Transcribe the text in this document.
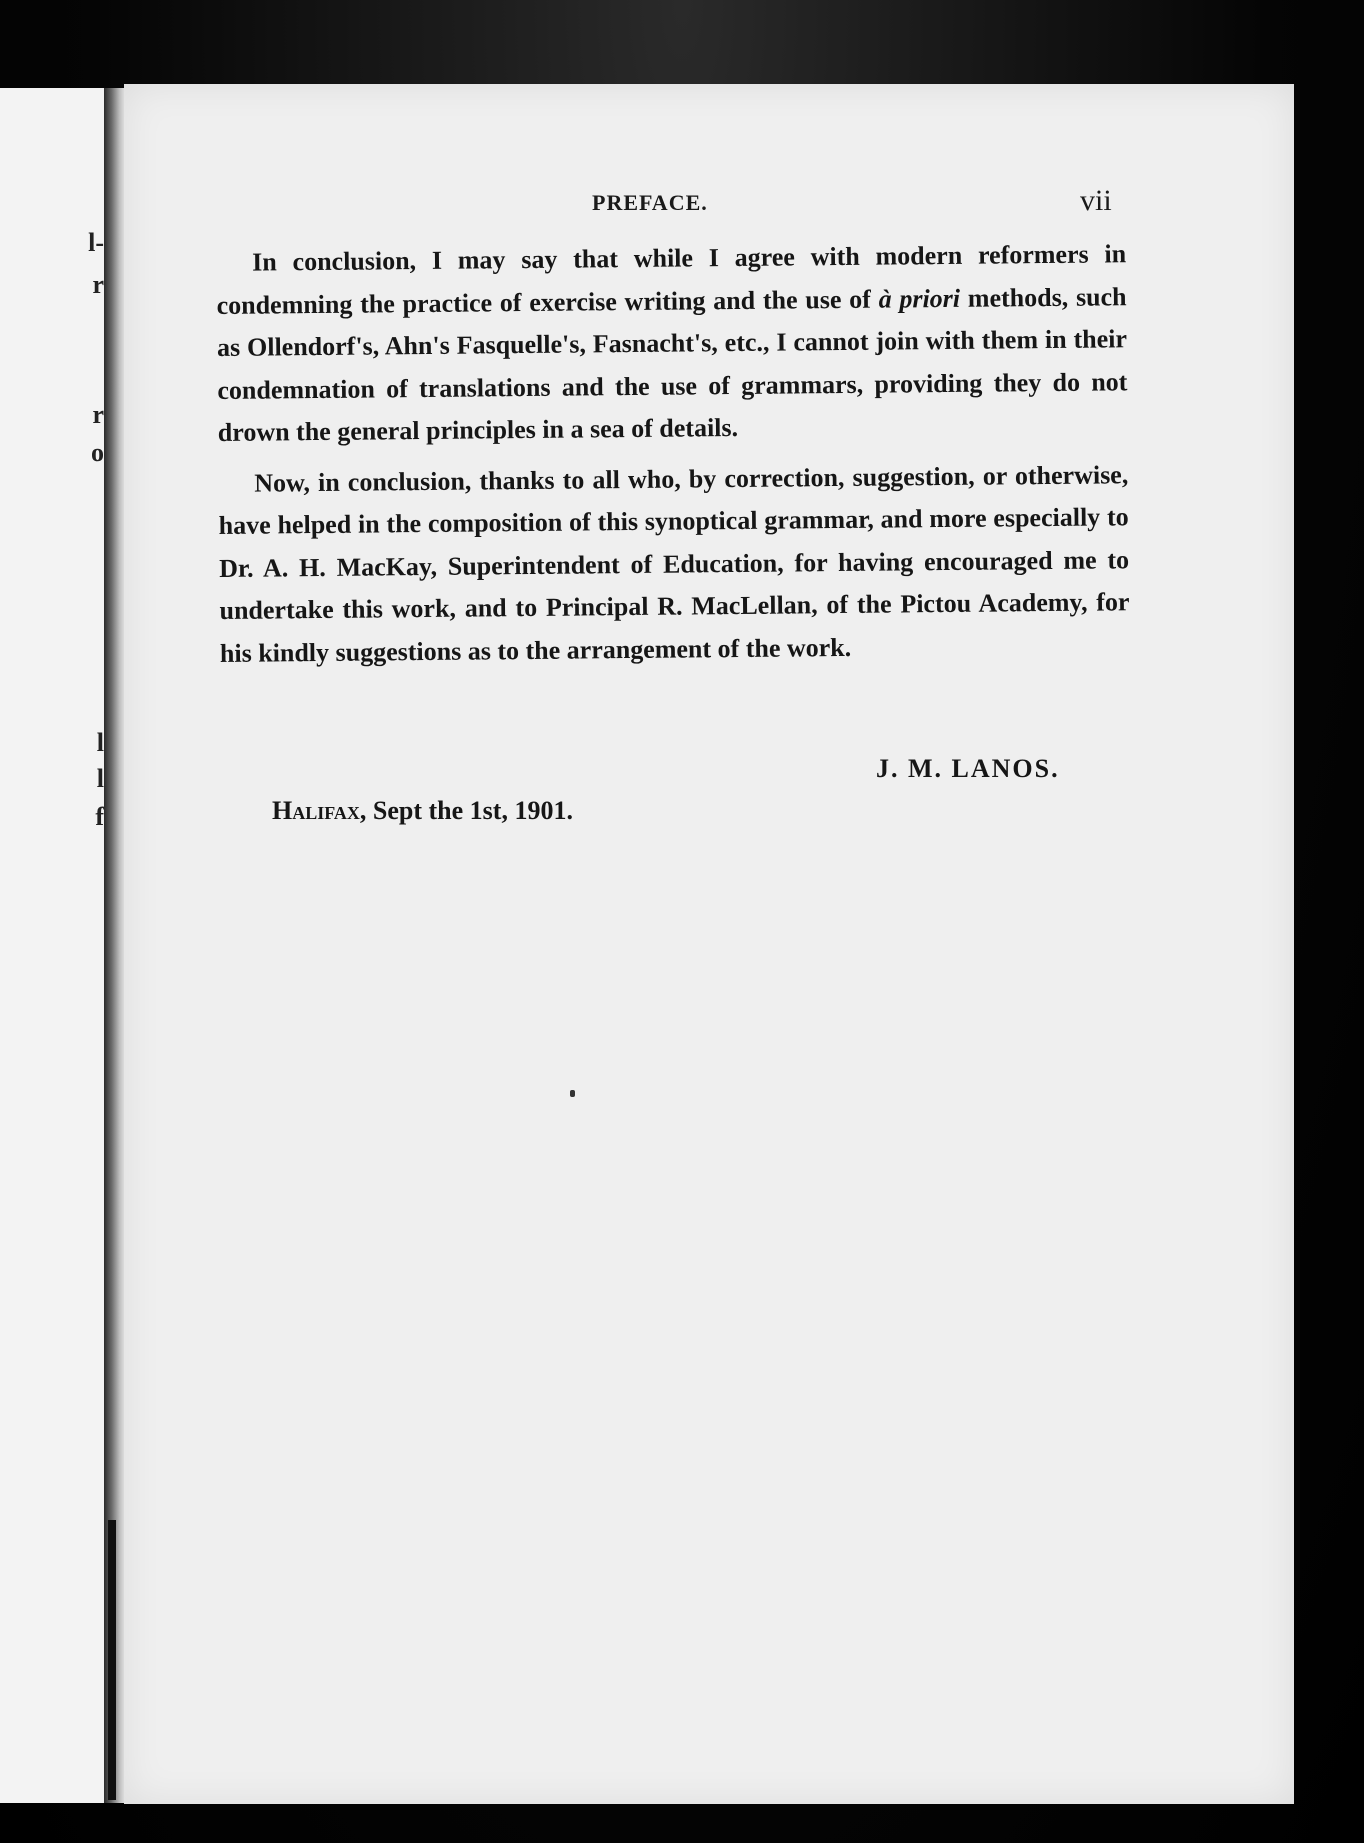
l-
r
r
o
l
l
f
PREFACE.	vii

In conclusion, I may say that while I agree with modern reformers in condemning the practice of exercise writing and the use of à priori methods, such as Ollendorf's, Ahn's Fasquelle's, Fasnacht's, etc., I cannot join with them in their condemnation of translations and the use of grammars, providing they do not drown the general principles in a sea of details.

Now, in conclusion, thanks to all who, by correction, suggestion, or otherwise, have helped in the composition of this synoptical grammar, and more especially to Dr. A. H. MacKay, Superintendent of Education, for having encouraged me to undertake this work, and to Principal R. MacLellan, of the Pictou Academy, for his kindly suggestions as to the arrangement of the work.

J. M. LANOS.
Halifax, Sept the 1st, 1901.
